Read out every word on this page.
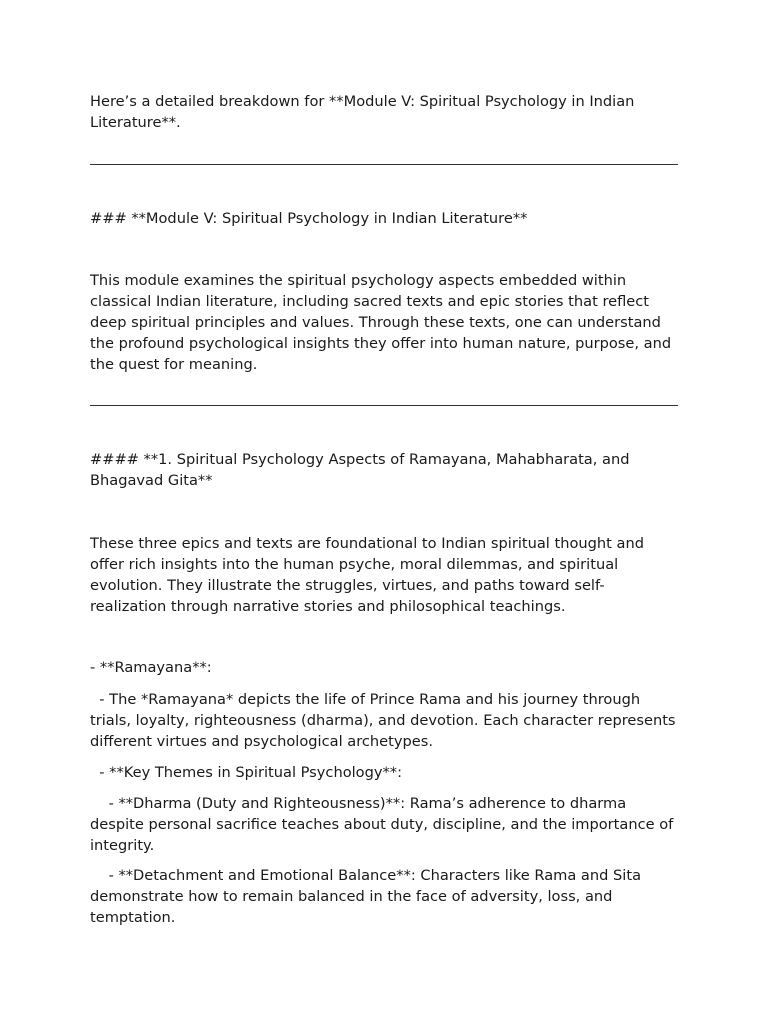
Here’s a detailed breakdown for **Module V: Spiritual Psychology in Indian Literature**.

### **Module V: Spiritual Psychology in Indian Literature**

This module examines the spiritual psychology aspects embedded within classical Indian literature, including sacred texts and epic stories that reflect deep spiritual principles and values. Through these texts, one can understand the profound psychological insights they offer into human nature, purpose, and the quest for meaning.

#### **1. Spiritual Psychology Aspects of Ramayana, Mahabharata, and Bhagavad Gita**

These three epics and texts are foundational to Indian spiritual thought and offer rich insights into the human psyche, moral dilemmas, and spiritual evolution. They illustrate the struggles, virtues, and paths toward self-realization through narrative stories and philosophical teachings.

- **Ramayana**:

- The *Ramayana* depicts the life of Prince Rama and his journey through trials, loyalty, righteousness (dharma), and devotion. Each character represents different virtues and psychological archetypes.

- **Key Themes in Spiritual Psychology**:

- **Dharma (Duty and Righteousness)**: Rama’s adherence to dharma despite personal sacrifice teaches about duty, discipline, and the importance of integrity.

- **Detachment and Emotional Balance**: Characters like Rama and Sita demonstrate how to remain balanced in the face of adversity, loss, and temptation.
